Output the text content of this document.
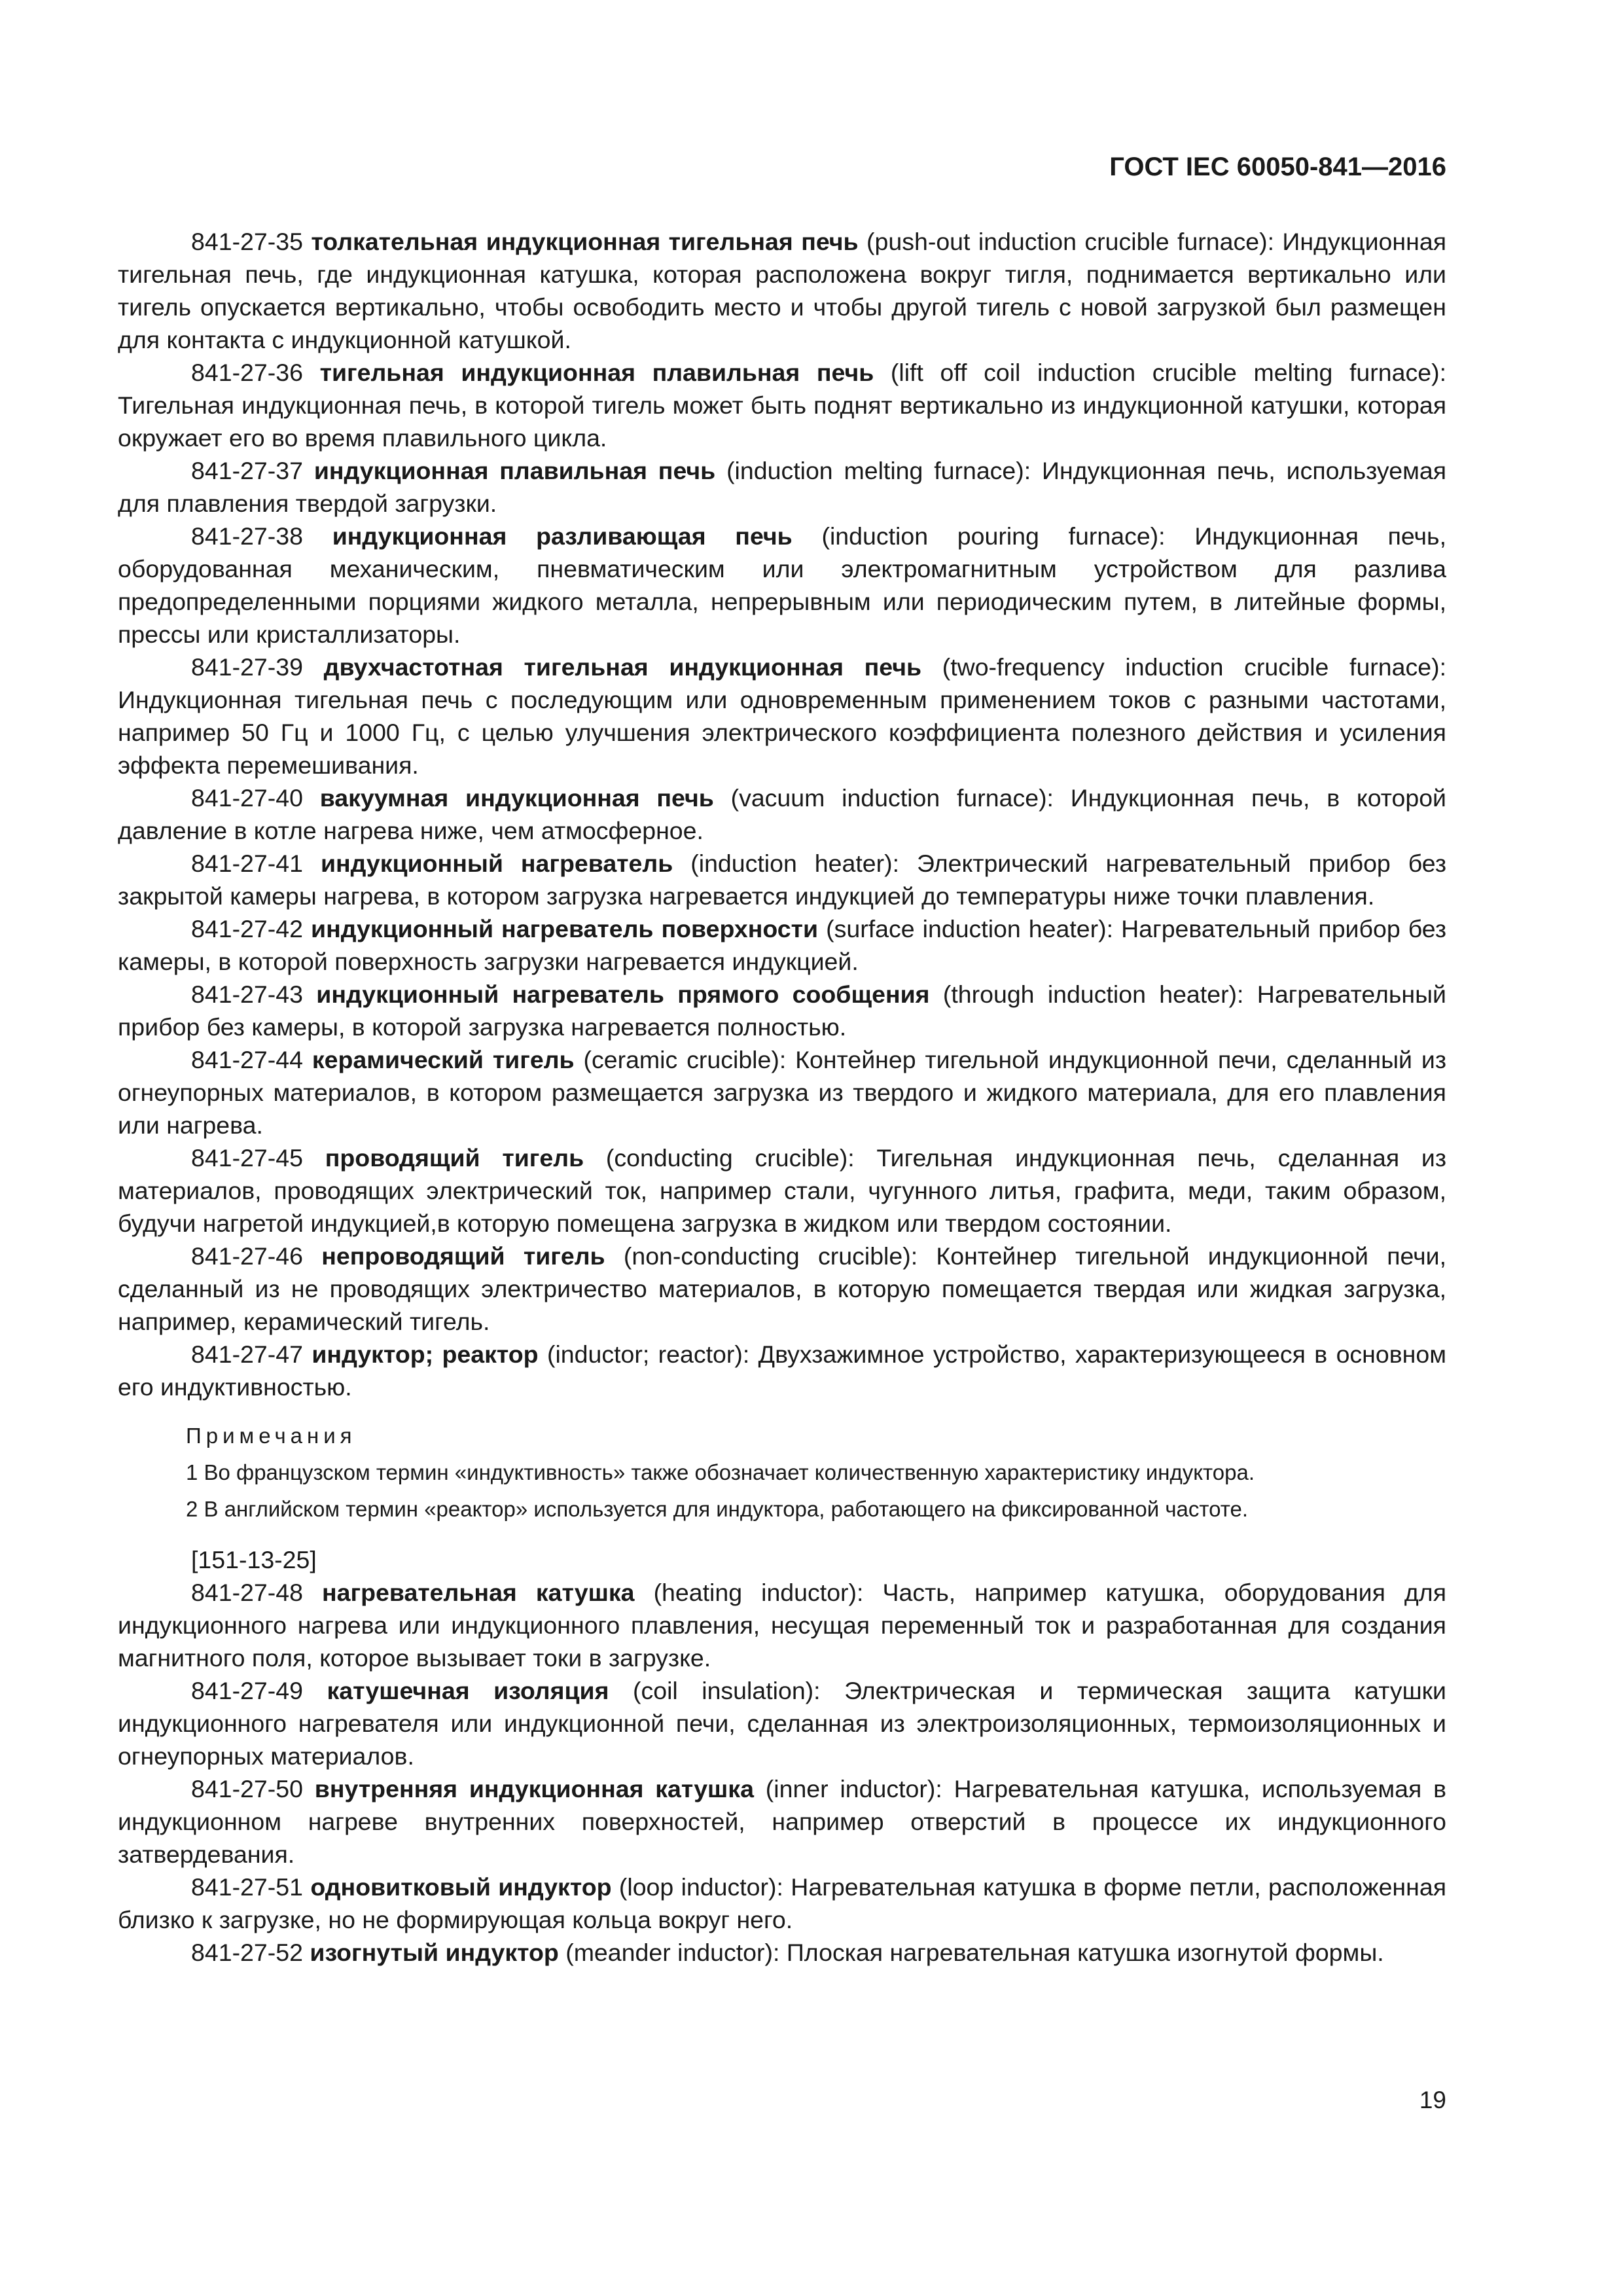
ГОСТ IEC 60050-841—2016

841-27-35 толкательная индукционная тигельная печь (push-out induction crucible furnace): Индукционная тигельная печь, где индукционная катушка, которая расположена вокруг тигля, поднимается вертикально или тигель опускается вертикально, чтобы освободить место и чтобы другой тигель с новой загрузкой был размещен для контакта с индукционной катушкой.

841-27-36 тигельная индукционная плавильная печь (lift off coil induction crucible melting furnace): Тигельная индукционная печь, в которой тигель может быть поднят вертикально из индукционной катушки, которая окружает его во время плавильного цикла.

841-27-37 индукционная плавильная печь (induction melting furnace): Индукционная печь, используемая для плавления твердой загрузки.

841-27-38 индукционная разливающая печь (induction pouring furnace): Индукционная печь, оборудованная механическим, пневматическим или электромагнитным устройством для разлива предопределенными порциями жидкого металла, непрерывным или периодическим путем, в литейные формы, прессы или кристаллизаторы.

841-27-39 двухчастотная тигельная индукционная печь (two-frequency induction crucible furnace): Индукционная тигельная печь с последующим или одновременным применением токов с разными частотами, например 50 Гц и 1000 Гц, с целью улучшения электрического коэффициента полезного действия и усиления эффекта перемешивания.

841-27-40 вакуумная индукционная печь (vacuum induction furnace): Индукционная печь, в которой давление в котле нагрева ниже, чем атмосферное.

841-27-41 индукционный нагреватель (induction heater): Электрический нагревательный прибор без закрытой камеры нагрева, в котором загрузка нагревается индукцией до температуры ниже точки плавления.

841-27-42 индукционный нагреватель поверхности (surface induction heater): Нагревательный прибор без камеры, в которой поверхность загрузки нагревается индукцией.

841-27-43 индукционный нагреватель прямого сообщения (through induction heater): Нагревательный прибор без камеры, в которой загрузка нагревается полностью.

841-27-44 керамический тигель (ceramic crucible): Контейнер тигельной индукционной печи, сделанный из огнеупорных материалов, в котором размещается загрузка из твердого и жидкого материала, для его плавления или нагрева.

841-27-45 проводящий тигель (conducting crucible): Тигельная индукционная печь, сделанная из материалов, проводящих электрический ток, например стали, чугунного литья, графита, меди, таким образом, будучи нагретой индукцией,в которую помещена загрузка в жидком или твердом состоянии.

841-27-46 непроводящий тигель (non-conducting crucible): Контейнер тигельной индукционной печи, сделанный из не проводящих электричество материалов, в которую помещается твердая или жидкая загрузка, например, керамический тигель.

841-27-47 индуктор; реактор (inductor; reactor): Двухзажимное устройство, характеризующееся в основном его индуктивностью.

Примечания
1 Во французском термин «индуктивность» также обозначает количественную характеристику индуктора.
2 В английском термин «реактор» используется для индуктора, работающего на фиксированной частоте.

[151-13-25]

841-27-48 нагревательная катушка (heating inductor): Часть, например катушка, оборудования для индукционного нагрева или индукционного плавления, несущая переменный ток и разработанная для создания магнитного поля, которое вызывает токи в загрузке.

841-27-49 катушечная изоляция (coil insulation): Электрическая и термическая защита катушки индукционного нагревателя или индукционной печи, сделанная из электроизоляционных, термоизоляционных и огнеупорных материалов.

841-27-50 внутренняя индукционная катушка (inner inductor): Нагревательная катушка, используемая в индукционном нагреве внутренних поверхностей, например отверстий в процессе их индукционного затвердевания.

841-27-51 одновитковый индуктор (loop inductor): Нагревательная катушка в форме петли, расположенная близко к загрузке, но не формирующая кольца вокруг него.

841-27-52 изогнутый индуктор (meander inductor): Плоская нагревательная катушка изогнутой формы.

19
